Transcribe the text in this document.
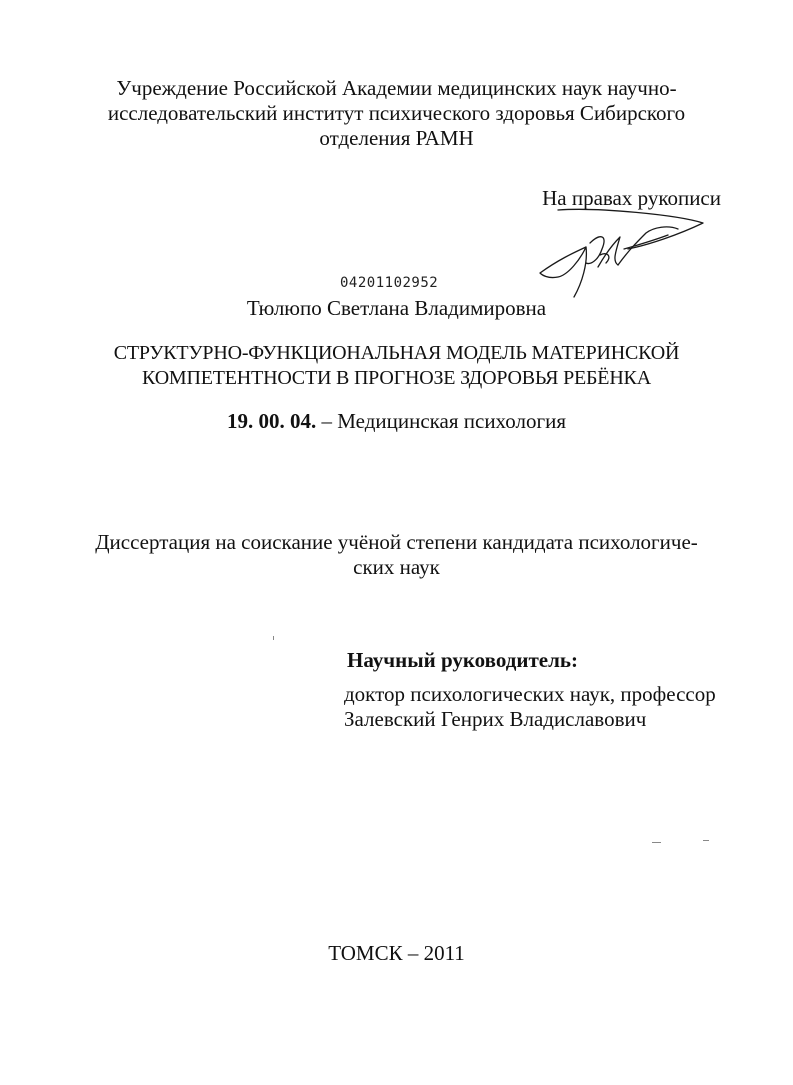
Учреждение Российской Академии медицинских наук научно-
исследовательский институт психического здоровья Сибирского
отделения РАМН
На правах рукописи
04201102952
Тюлюпо Светлана Владимировна
СТРУКТУРНО-ФУНКЦИОНАЛЬНАЯ МОДЕЛЬ МАТЕРИНСКОЙ
КОМПЕТЕНТНОСТИ В ПРОГНОЗЕ ЗДОРОВЬЯ РЕБЁНКА
19. 00. 04. – Медицинская психология
Диссертация на соискание учёной степени кандидата психологиче-
ских наук
Научный руководитель:
доктор психологических наук, профессор
Залевский Генрих Владиславович
ТОМСК – 2011
